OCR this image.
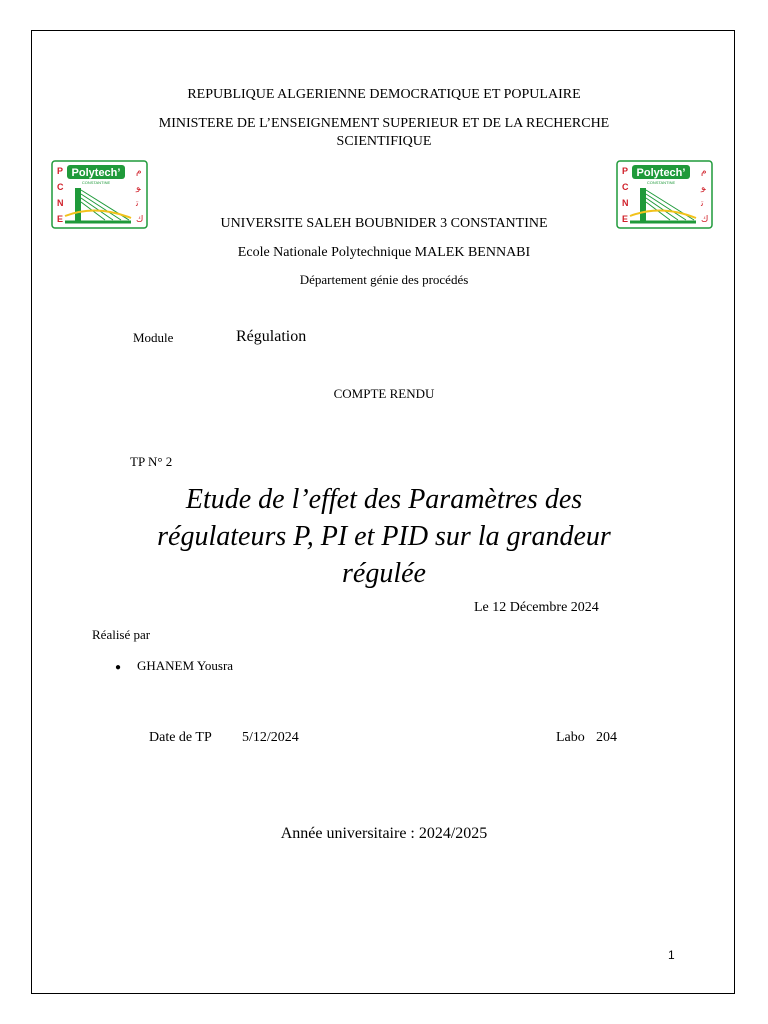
REPUBLIQUE ALGERIENNE DEMOCRATIQUE ET POPULAIRE
MINISTERE DE L’ENSEIGNEMENT SUPERIEUR ET DE LA RECHERCHE
SCIENTIFIQUE
P
C
N
E
Polytech’
CONSTANTINE
ﻡ
ﻮ
ﺗ
ﻙ
P
C
N
E
Polytech’
CONSTANTINE
ﻡ
ﻮ
ﺗ
ﻙ
UNIVERSITE SALEH BOUBNIDER 3 CONSTANTINE
Ecole Nationale Polytechnique MALEK BENNABI
Département génie des procédés
Module	Régulation
COMPTE RENDU
TP N° 2
Etude de l’effet des Paramètres des
régulateurs P, PI et PID sur la grandeur
régulée
Le 12 Décembre 2024
Réalisé par
● GHANEM Yousra
Date de TP 5/12/2024	Labo 204
Année universitaire : 2024/2025
1
